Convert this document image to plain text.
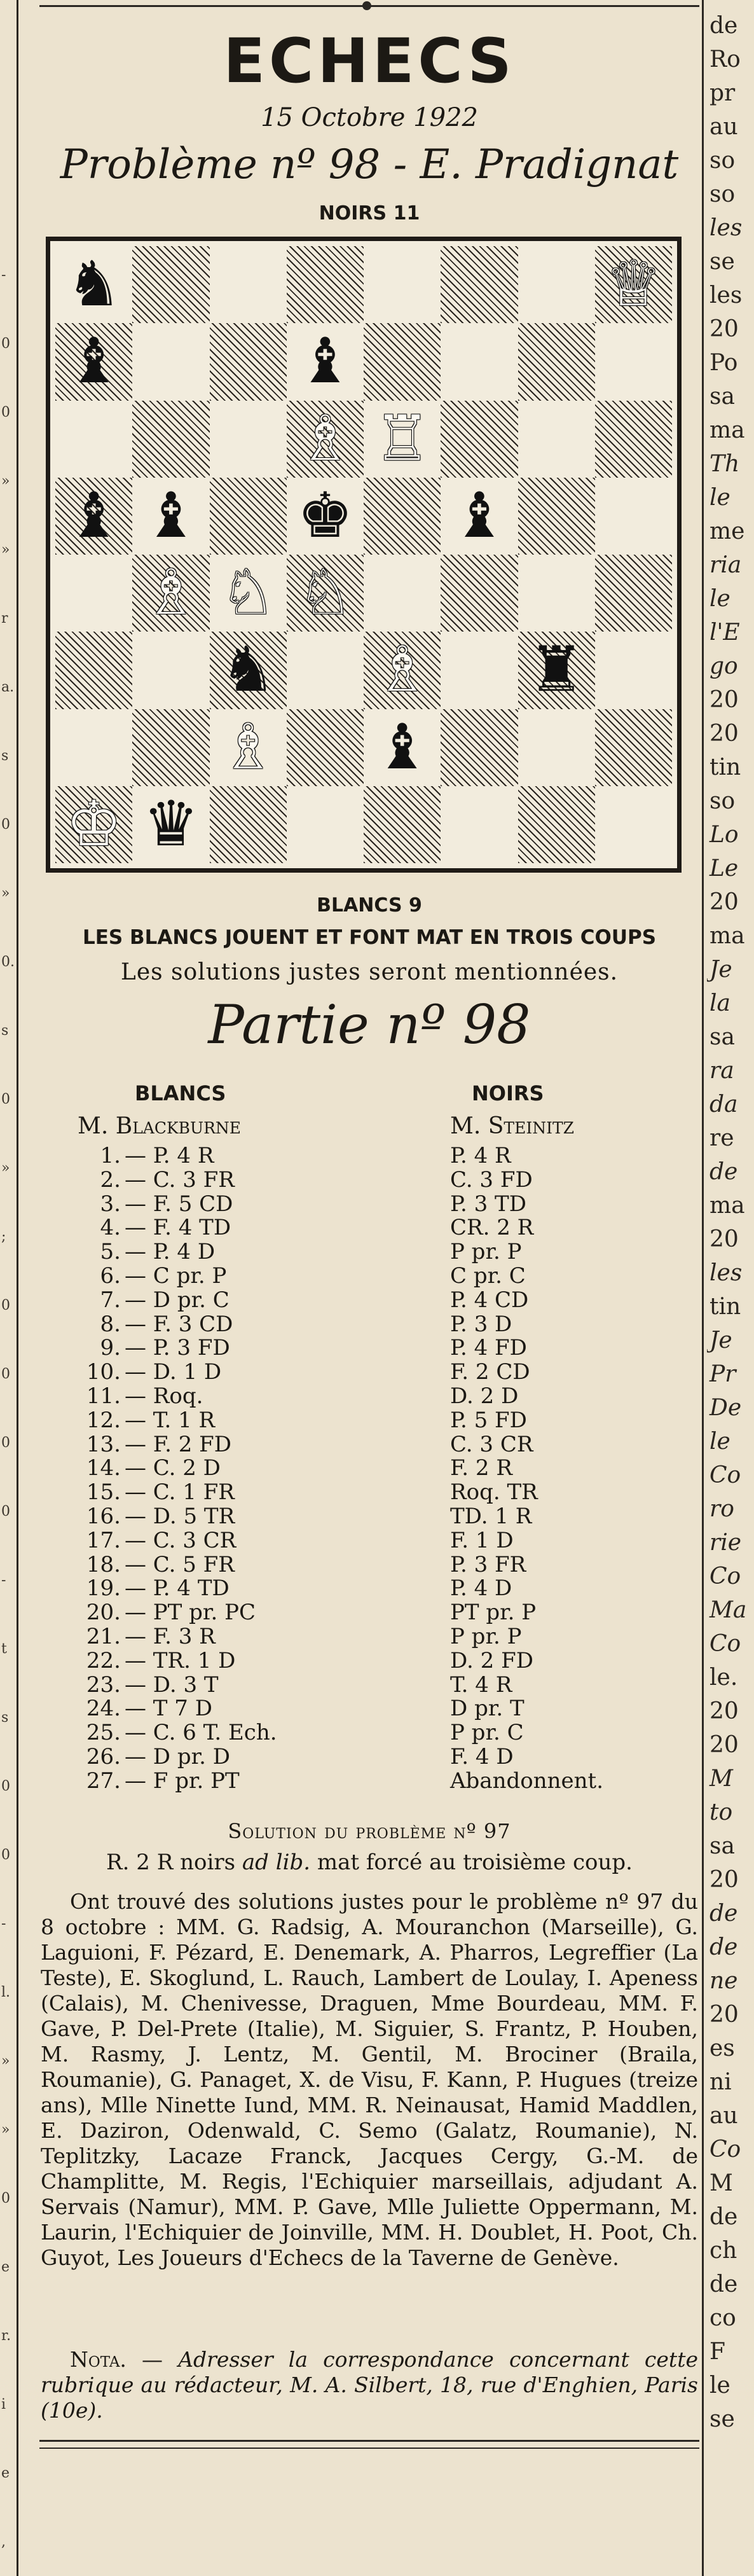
-
0
0
»
»
r
a.
s
0
»
0.
s
0
»
;
0
0
0
0
-
t
s
0
0
-
l.
»
»
0
e
r.
i
e
,
ECHECS
15 Octobre 1922
Problème nº 98 - E. Pradignat
NOIRS 11
♞	♕
♝	♝
♗ ♖
♝ ♝ ♚ ♝
♗ ♘ ♘
♞ ♗ ♜
♗ ♝
♔ ♛
BLANCS 9
LES BLANCS JOUENT ET FONT MAT EN TROIS COUPS
Les solutions justes seront mentionnées.
Partie nº 98
BLANCS	NOIRS
M. Blackburne	M. Steinitz
1. — P. 4 R	P. 4 R
2. — C. 3 FR	C. 3 FD
3. — F. 5 CD	P. 3 TD
4. — F. 4 TD	CR. 2 R
5. — P. 4 D	P pr. P
6. — C pr. P	C pr. C
7. — D pr. C	P. 4 CD
8. — F. 3 CD	P. 3 D
9. — P. 3 FD	P. 4 FD
10. — D. 1 D	F. 2 CD
11. — Roq.	D. 2 D
12. — T. 1 R	P. 5 FD
13. — F. 2 FD	C. 3 CR
14. — C. 2 D	F. 2 R
15. — C. 1 FR	Roq. TR
16. — D. 5 TR	TD. 1 R
17. — C. 3 CR	F. 1 D
18. — C. 5 FR	P. 3 FR
19. — P. 4 TD	P. 4 D
20. — PT pr. PC	PT pr. P
21. — F. 3 R	P pr. P
22. — TR. 1 D	D. 2 FD
23. — D. 3 T	T. 4 R
24. — T 7 D	D pr. T
25. — C. 6 T. Ech.	P pr. C
26. — D pr. D	F. 4 D
27. — F pr. PT	Abandonnent.
Solution du problème nº 97
R. 2 R noirs ad lib. mat forcé au troisième coup.

Ont trouvé des solutions justes pour le problème nº 97 du 8 octobre : MM. G. Radsig, A. Mouranchon (Marseille), G. Laguioni, F. Pézard, E. Denemark, A. Pharros, Legreffier (La Teste), E. Skoglund, L. Rauch, Lambert de Loulay, I. Apeness (Calais), M. Chenivesse, Draguen, Mme Bourdeau, MM. F. Gave, P. Del-Prete (Italie), M. Siguier, S. Frantz, P. Houben, M. Rasmy, J. Lentz, M. Gentil, M. Brociner (Braila, Roumanie), G. Panaget, X. de Visu, F. Kann, P. Hugues (treize ans), Mlle Ninette Iund, MM. R. Neinausat, Hamid Maddlen, E. Daziron, Odenwald, C. Semo (Galatz, Roumanie), N. Teplitzky, Lacaze Franck, Jacques Cergy, G.-M. de Champlitte, M. Regis, l'Echiquier marseillais, adjudant A. Servais (Namur), MM. P. Gave, Mlle Juliette Oppermann, M. Laurin, l'Echiquier de Joinville, MM. H. Doublet, H. Poot, Ch. Guyot, Les Joueurs d'Echecs de la Taverne de Genève.

Nota. — Adresser la correspondance concernant cette rubrique au rédacteur, M. A. Silbert, 18, rue d'Enghien, Paris (10e).

de
Ro
pr
au
so
so
les
se
les
20
Po
sa
ma
Th
le
me
ria
le
l'E
go
20
20
tin
so
Lo
Le
20
ma
Je
la
sa
ra
da
re
de
ma
20
les
tin
Je
Pr
De
le
Co
ro
rie
Co
Ma
Co
le.
20
20
M
to
sa
20
de
de
ne
20
es
ni
au
Co
M
de
ch
de
co
F
le
se
